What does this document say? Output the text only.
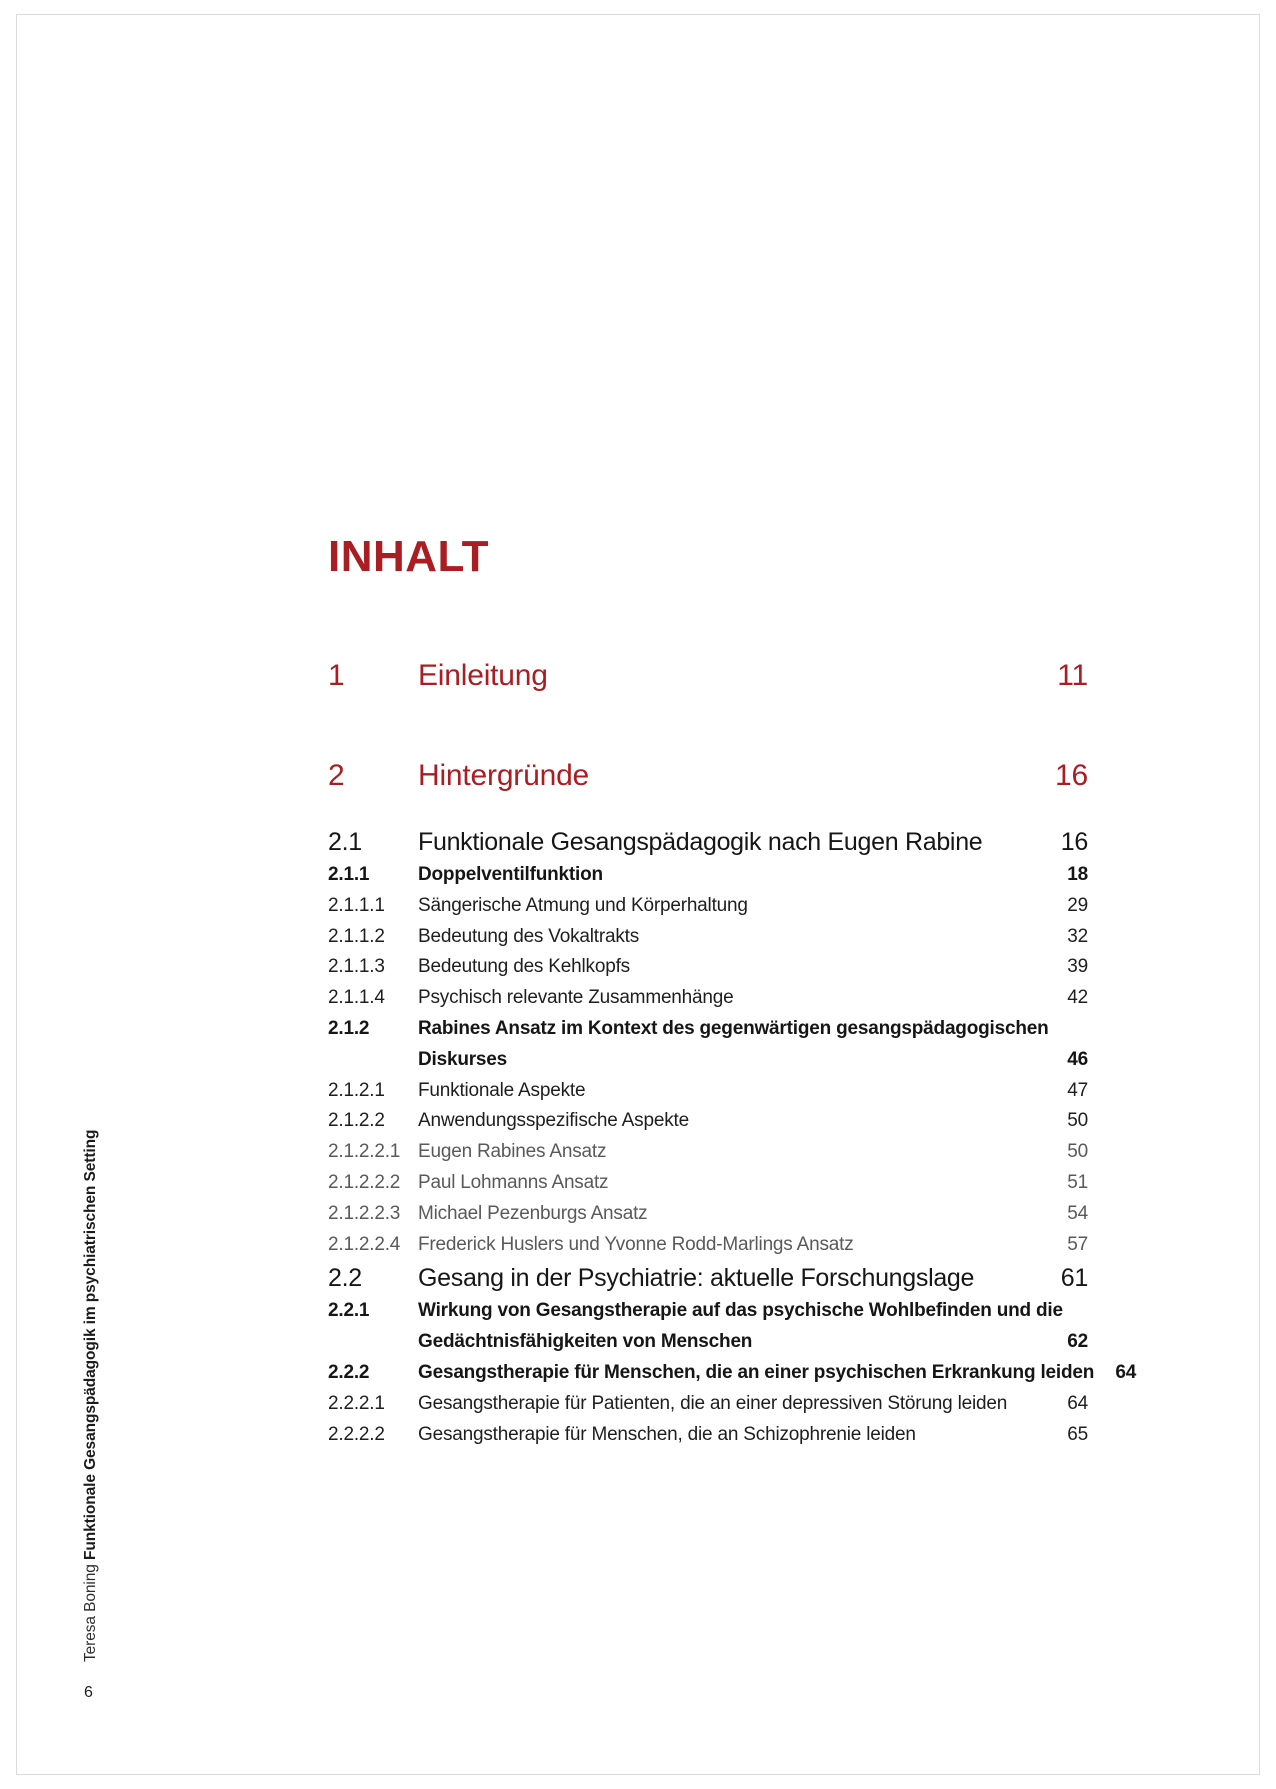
Teresa Boning Funktionale Gesangspädagogik im psychiatrischen Setting
6
INHALT
1	Einleitung	11
2	Hintergründe	16
2.1	Funktionale Gesangspädagogik nach Eugen Rabine	16
2.1.1	Doppelventilfunktion	18
2.1.1.1	Sängerische Atmung und Körperhaltung	29
2.1.1.2	Bedeutung des Vokaltrakts	32
2.1.1.3	Bedeutung des Kehlkopfs	39
2.1.1.4	Psychisch relevante Zusammenhänge	42
2.1.2	Rabines Ansatz im Kontext des gegenwärtigen gesangspädagogischen
Diskurses	46
2.1.2.1	Funktionale Aspekte	47
2.1.2.2	Anwendungsspezifische Aspekte	50
2.1.2.2.1 Eugen Rabines Ansatz	50
2.1.2.2.2 Paul Lohmanns Ansatz	51
2.1.2.2.3 Michael Pezenburgs Ansatz	54
2.1.2.2.4 Frederick Huslers und Yvonne Rodd-Marlings Ansatz	57
2.2	Gesang in der Psychiatrie: aktuelle Forschungslage	61
2.2.1	Wirkung von Gesangstherapie auf das psychische Wohlbefinden und die
Gedächtnisfähigkeiten von Menschen	62
2.2.2	Gesangstherapie für Menschen, die an einer psychischen Erkrankung leiden	64
2.2.2.1	Gesangstherapie für Patienten, die an einer depressiven Störung leiden	64
2.2.2.2	Gesangstherapie für Menschen, die an Schizophrenie leiden	65
